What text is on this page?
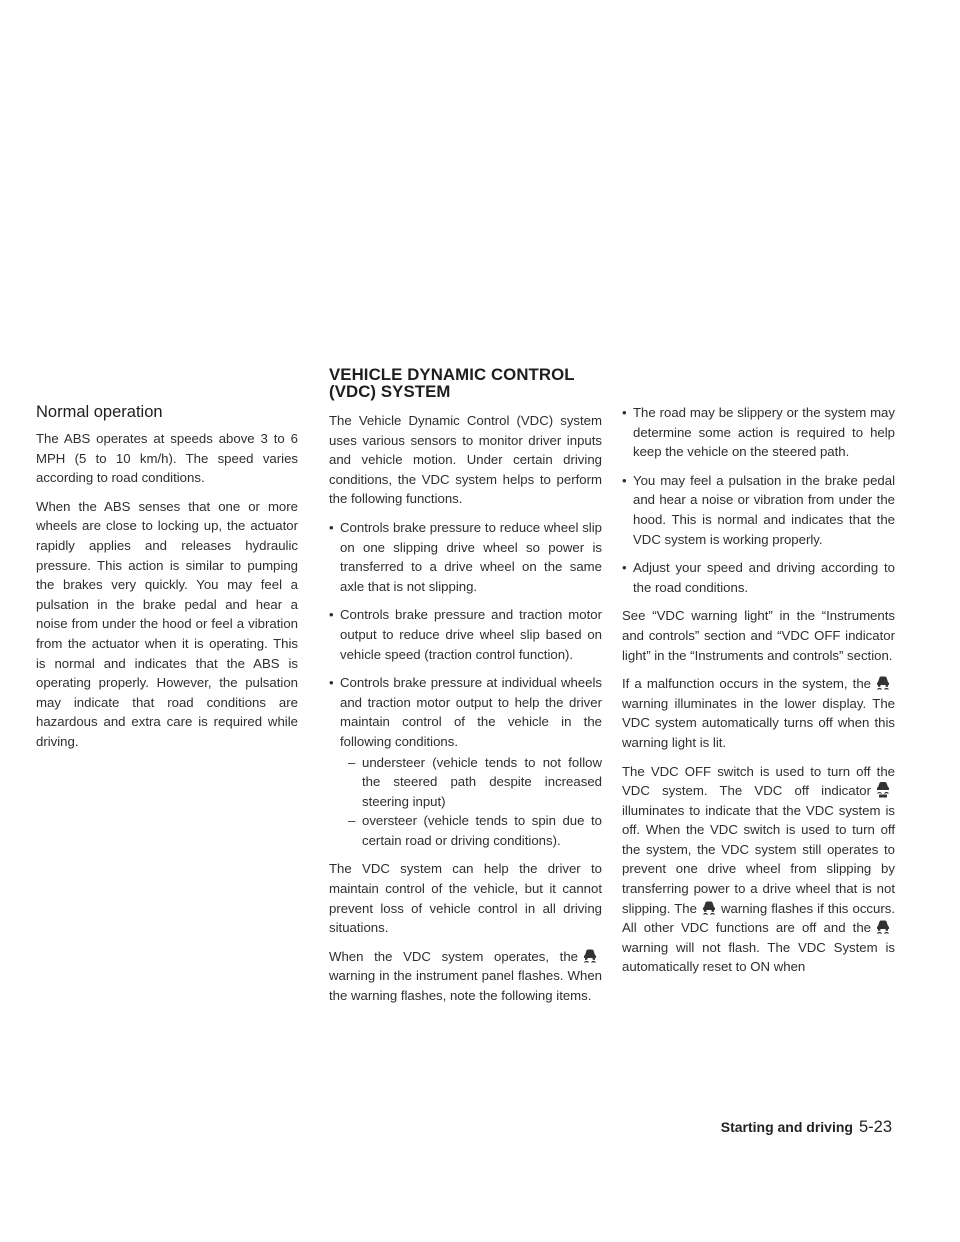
Normal operation

The ABS operates at speeds above 3 to 6 MPH (5 to 10 km/h). The speed varies according to road conditions.

When the ABS senses that one or more wheels are close to locking up, the actuator rapidly applies and releases hydraulic pressure. This action is similar to pumping the brakes very quickly. You may feel a pulsation in the brake pedal and hear a noise from under the hood or feel a vibration from the actuator when it is operating. This is normal and indicates that the ABS is operating properly. However, the pulsation may indicate that road conditions are hazardous and extra care is required while driving.

VEHICLE DYNAMIC CONTROL (VDC) SYSTEM

The Vehicle Dynamic Control (VDC) system uses various sensors to monitor driver inputs and vehicle motion. Under certain driving conditions, the VDC system helps to perform the following functions.

• Controls brake pressure to reduce wheel slip on one slipping drive wheel so power is transferred to a drive wheel on the same axle that is not slipping.
• Controls brake pressure and traction motor output to reduce drive wheel slip based on vehicle speed (traction control function).
• Controls brake pressure at individual wheels and traction motor output to help the driver maintain control of the vehicle in the following conditions.
– understeer (vehicle tends to not follow the steered path despite increased steering input)
– oversteer (vehicle tends to spin due to certain road or driving conditions).

The VDC system can help the driver to maintain control of the vehicle, but it cannot prevent loss of vehicle control in all driving situations.

When the VDC system operates, the
warning in the instrument panel flashes. When the warning flashes, note the following items.

• The road may be slippery or the system may determine some action is required to help keep the vehicle on the steered path.
• You may feel a pulsation in the brake pedal and hear a noise or vibration from under the hood. This is normal and indicates that the VDC system is working properly.
• Adjust your speed and driving according to the road conditions.

See “VDC warning light” in the “Instruments and controls” section and “VDC OFF indicator light” in the “Instruments and controls” section.

If a malfunction occurs in the system, the
warning illuminates in the lower display. The VDC system automatically turns off when this warning light is lit.

The VDC OFF switch is used to turn off the VDC system. The VDC off indicator
illuminates to indicate that the VDC system is off. When the VDC switch is used to turn off the system, the VDC system still operates to prevent one drive wheel from slipping by transferring power to a drive wheel that is not slipping. The warning flashes if this occurs. All other VDC functions are off and the
warning will not flash. The VDC System is automatically reset to ON when

Starting and driving 5-23
